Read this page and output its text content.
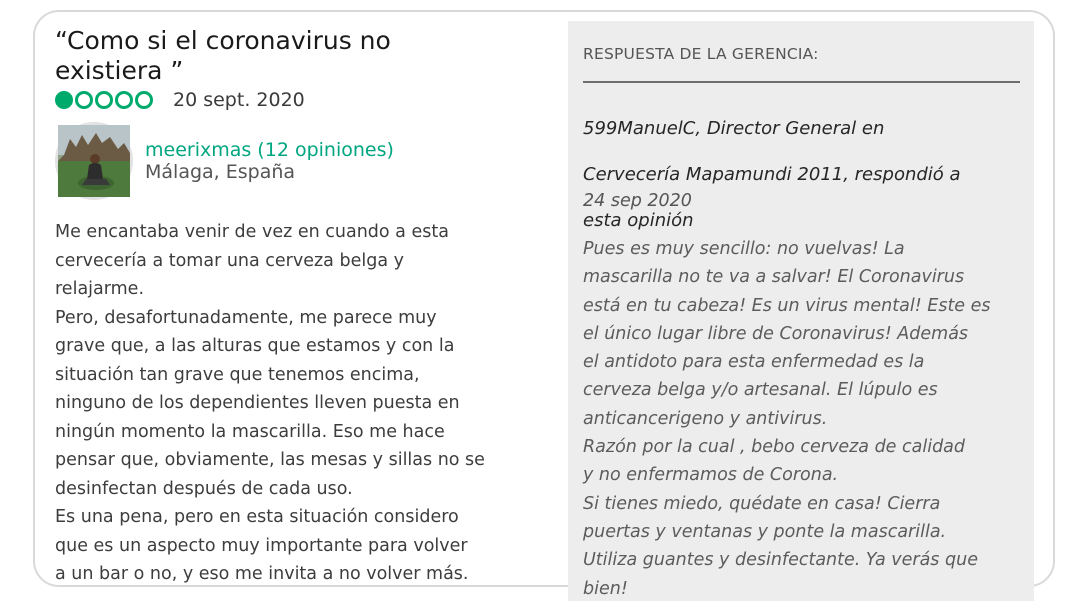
“Como si el coronavirus no
existiera ”
20 sept. 2020
meerixmas (12 opiniones)
Málaga, España

Me encantaba venir de vez en cuando a esta

cervecería a tomar una cerveza belga y

relajarme.

Pero, desafortunadamente, me parece muy

grave que, a las alturas que estamos y con la

situación tan grave que tenemos encima,

ninguno de los dependientes lleven puesta en

ningún momento la mascarilla. Eso me hace

pensar que, obviamente, las mesas y sillas no se

desinfectan después de cada uso.

Es una pena, pero en esta situación considero

que es un aspecto muy importante para volver

a un bar o no, y eso me invita a no volver más.

RESPUESTA DE LA GERENCIA:

599ManuelC, Director General en

Cervecería Mapamundi 2011, respondió a

esta opinión

24 sep 2020

Pues es muy sencillo: no vuelvas! La

mascarilla no te va a salvar! El Coronavirus

está en tu cabeza! Es un virus mental! Este es

el único lugar libre de Coronavirus! Además

el antidoto para esta enfermedad es la

cerveza belga y/o artesanal. El lúpulo es

anticancerigeno y antivirus.

Razón por la cual , bebo cerveza de calidad

y no enfermamos de Corona.

Si tienes miedo, quédate en casa! Cierra

puertas y ventanas y ponte la mascarilla.

Utiliza guantes y desinfectante. Ya verás que

bien!
